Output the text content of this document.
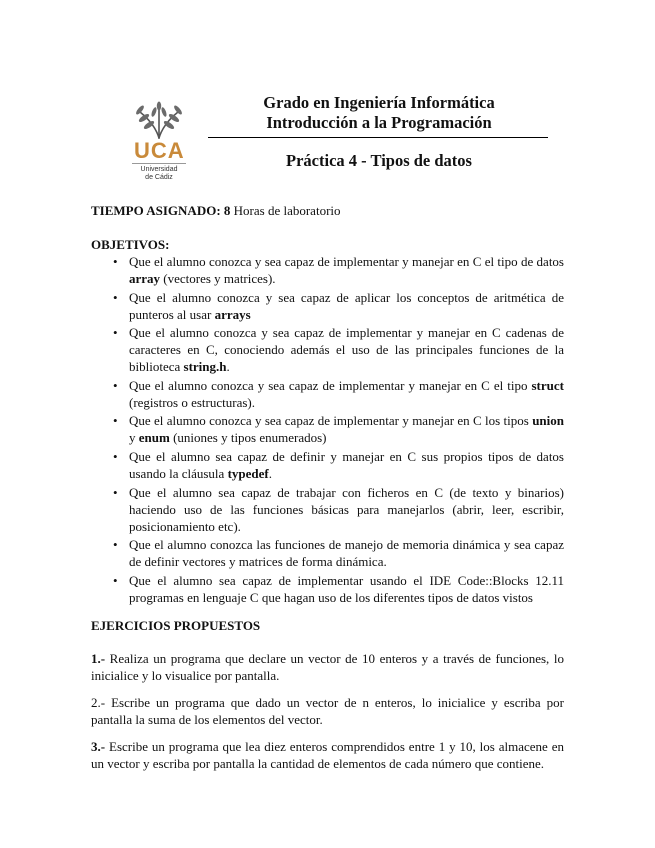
UCA
Universidad
de Cádiz
Grado en Ingeniería Informática
Introducción a la Programación
Práctica 4 - Tipos de datos
TIEMPO ASIGNADO: 8 Horas de laboratorio
OBJETIVOS:
• Que el alumno conozca y sea capaz de implementar y manejar en C el tipo de datos array (vectores y matrices).
• Que el alumno conozca y sea capaz de aplicar los conceptos de aritmética de punteros al usar arrays
• Que el alumno conozca y sea capaz de implementar y manejar en C cadenas de caracteres en C, conociendo además el uso de las principales funciones de la biblioteca string.h.
• Que el alumno conozca y sea capaz de implementar y manejar en C el tipo struct (registros o estructuras).
• Que el alumno conozca y sea capaz de implementar y manejar en C los tipos union y enum (uniones y tipos enumerados)
• Que el alumno sea capaz de definir y manejar en C sus propios tipos de datos usando la cláusula typedef.
• Que el alumno sea capaz de trabajar con ficheros en C (de texto y binarios) haciendo uso de las funciones básicas para manejarlos (abrir, leer, escribir, posicionamiento etc).
• Que el alumno conozca las funciones de manejo de memoria dinámica y sea capaz de definir vectores y matrices de forma dinámica.
• Que el alumno sea capaz de implementar usando el IDE Code::Blocks 12.11 programas en lenguaje C que hagan uso de los diferentes tipos de datos vistos
EJERCICIOS PROPUESTOS
1.- Realiza un programa que declare un vector de 10 enteros y a través de funciones, lo inicialice y lo visualice por pantalla.
2.- Escribe un programa que dado un vector de n enteros, lo inicialice y escriba por pantalla la suma de los elementos del vector.
3.- Escribe un programa que lea diez enteros comprendidos entre 1 y 10, los almacene en un vector y escriba por pantalla la cantidad de elementos de cada número que contiene.
